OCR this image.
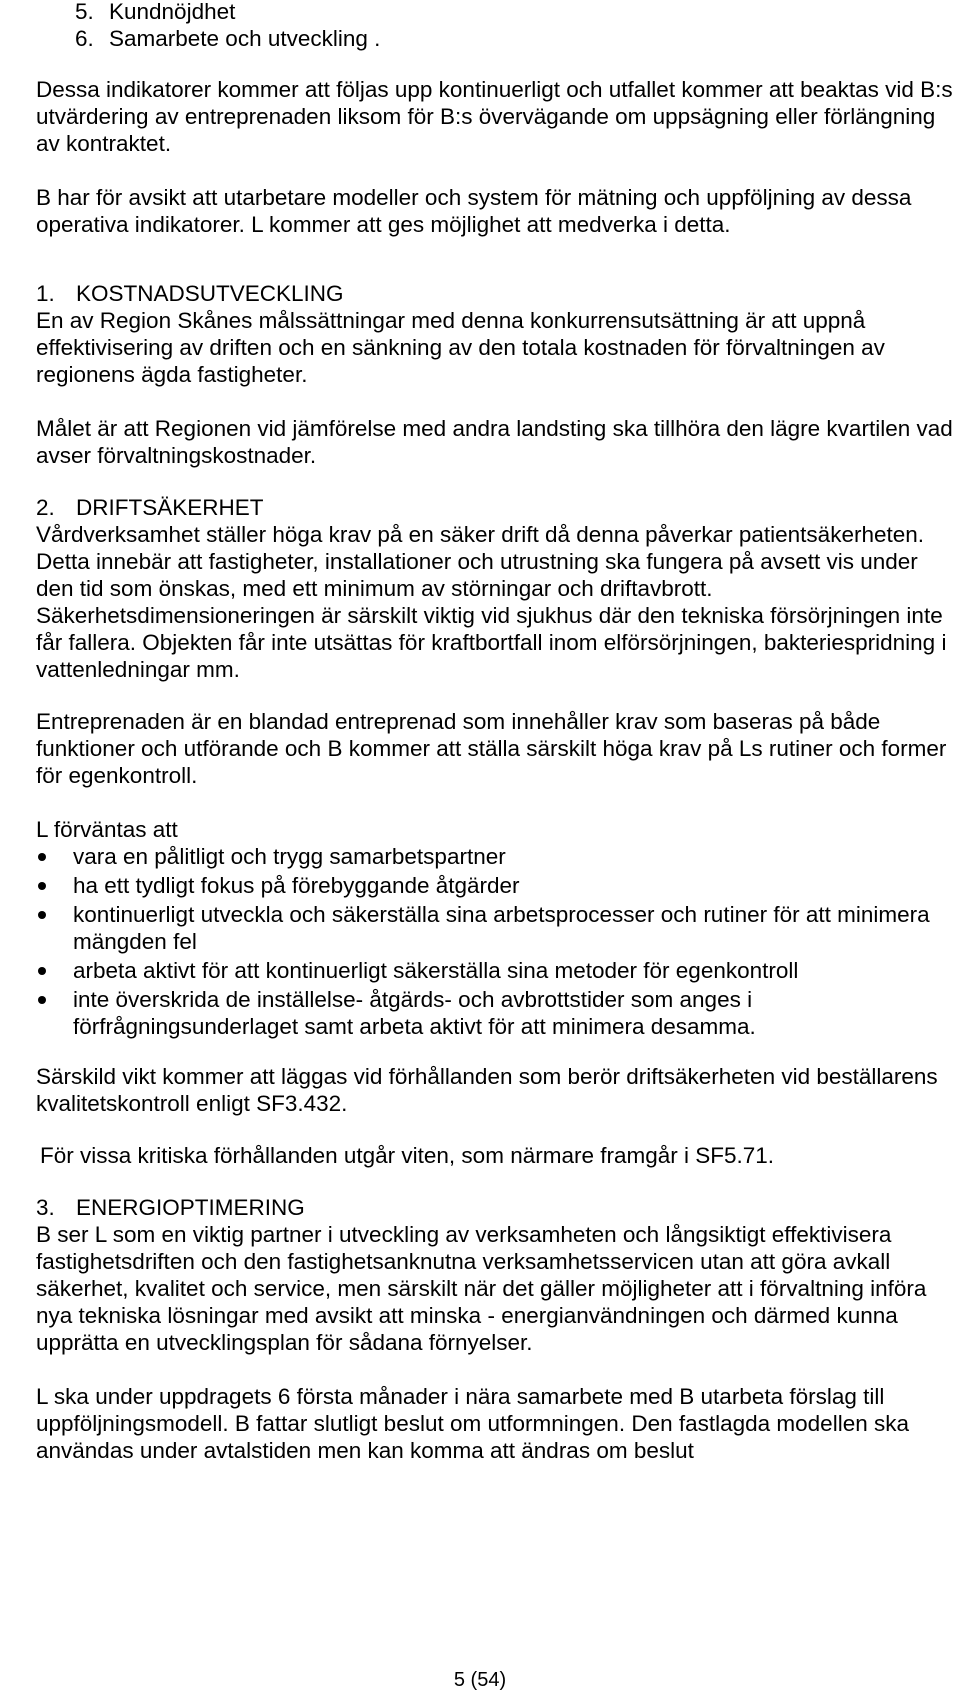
5. Kundnöjdhet

6. Samarbete och utveckling .

Dessa indikatorer kommer att följas upp kontinuerligt och utfallet kommer att beaktas vid B:s utvärdering av entreprenaden liksom för B:s övervägande om uppsägning eller förlängning av kontraktet.

B har för avsikt att utarbetare modeller och system för mätning och uppföljning av dessa operativa indikatorer. L kommer att ges möjlighet att medverka i detta.

1. KOSTNADSUTVECKLING

En av Region Skånes målssättningar med denna konkurrensutsättning är att uppnå effektivisering av driften och en sänkning av den totala kostnaden för förvaltningen av regionens ägda fastigheter.

Målet är att Regionen vid jämförelse med andra landsting ska tillhöra den lägre kvartilen vad avser förvaltningskostnader.

2. DRIFTSÄKERHET

Vårdverksamhet ställer höga krav på en säker drift då denna påverkar patientsäkerheten. Detta innebär att fastigheter, installationer och utrustning ska fungera på avsett vis under den tid som önskas, med ett minimum av störningar och driftavbrott. Säkerhetsdimensioneringen är särskilt viktig vid sjukhus där den tekniska försörjningen inte får fallera. Objekten får inte utsättas för kraftbortfall inom elförsörjningen, bakteriespridning i vattenledningar mm.

Entreprenaden är en blandad entreprenad som innehåller krav som baseras på både funktioner och utförande och B kommer att ställa särskilt höga krav på Ls rutiner och former för egenkontroll.

L förväntas att

vara en pålitligt och trygg samarbetspartner
ha ett tydligt fokus på förebyggande åtgärder
kontinuerligt utveckla och säkerställa sina arbetsprocesser och rutiner för att minimera mängden fel
arbeta aktivt för att kontinuerligt säkerställa sina metoder för egenkontroll
inte överskrida de inställelse- åtgärds- och avbrottstider som anges i förfrågningsunderlaget samt arbeta aktivt för att minimera desamma.

Särskild vikt kommer att läggas vid förhållanden som berör driftsäkerheten vid beställarens kvalitetskontroll enligt SF3.432.

För vissa kritiska förhållanden utgår viten, som närmare framgår i SF5.71.

3. ENERGIOPTIMERING

B ser L som en viktig partner i utveckling av verksamheten och långsiktigt effektivisera fastighetsdriften och den fastighetsanknutna verksamhetsservicen utan att göra avkall säkerhet, kvalitet och service, men särskilt när det gäller möjligheter att i förvaltning införa nya tekniska lösningar med avsikt att minska - energianvändningen och därmed kunna upprätta en utvecklingsplan för sådana förnyelser.

L ska under uppdragets 6 första månader i nära samarbete med B utarbeta förslag till uppföljningsmodell. B fattar slutligt beslut om utformningen. Den fastlagda modellen ska användas under avtalstiden men kan komma att ändras om beslut

5 (54)
